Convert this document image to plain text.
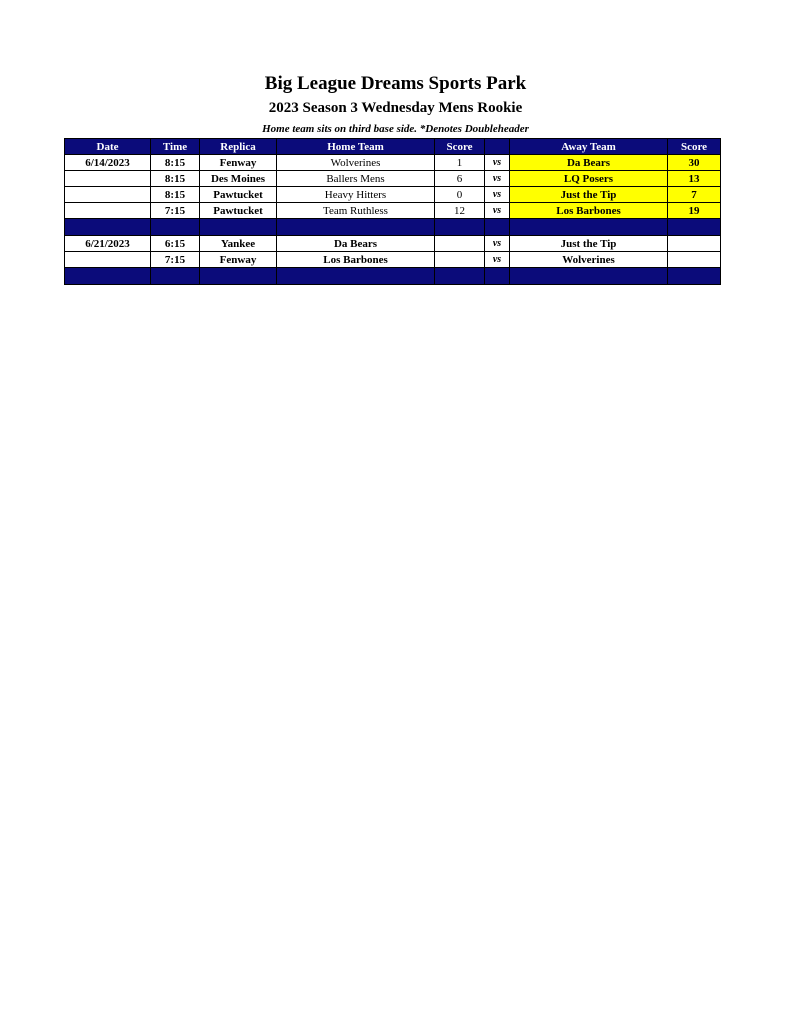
Big League Dreams Sports Park
2023 Season 3 Wednesday Mens Rookie
Home team sits on third base side. *Denotes Doubleheader
Date	Time	Replica	Home Team	Score		Away Team	Score
6/14/2023	8:15	Fenway	Wolverines	1	vs	Da Bears	30
	8:15	Des Moines	Ballers Mens	6	vs	LQ Posers	13
	8:15	Pawtucket	Heavy Hitters	0	vs	Just the Tip	7
	7:15	Pawtucket	Team Ruthless	12	vs	Los Barbones	19

6/21/2023	6:15	Yankee	Da Bears		vs	Just the Tip	
	7:15	Fenway	Los Barbones		vs	Wolverines	
